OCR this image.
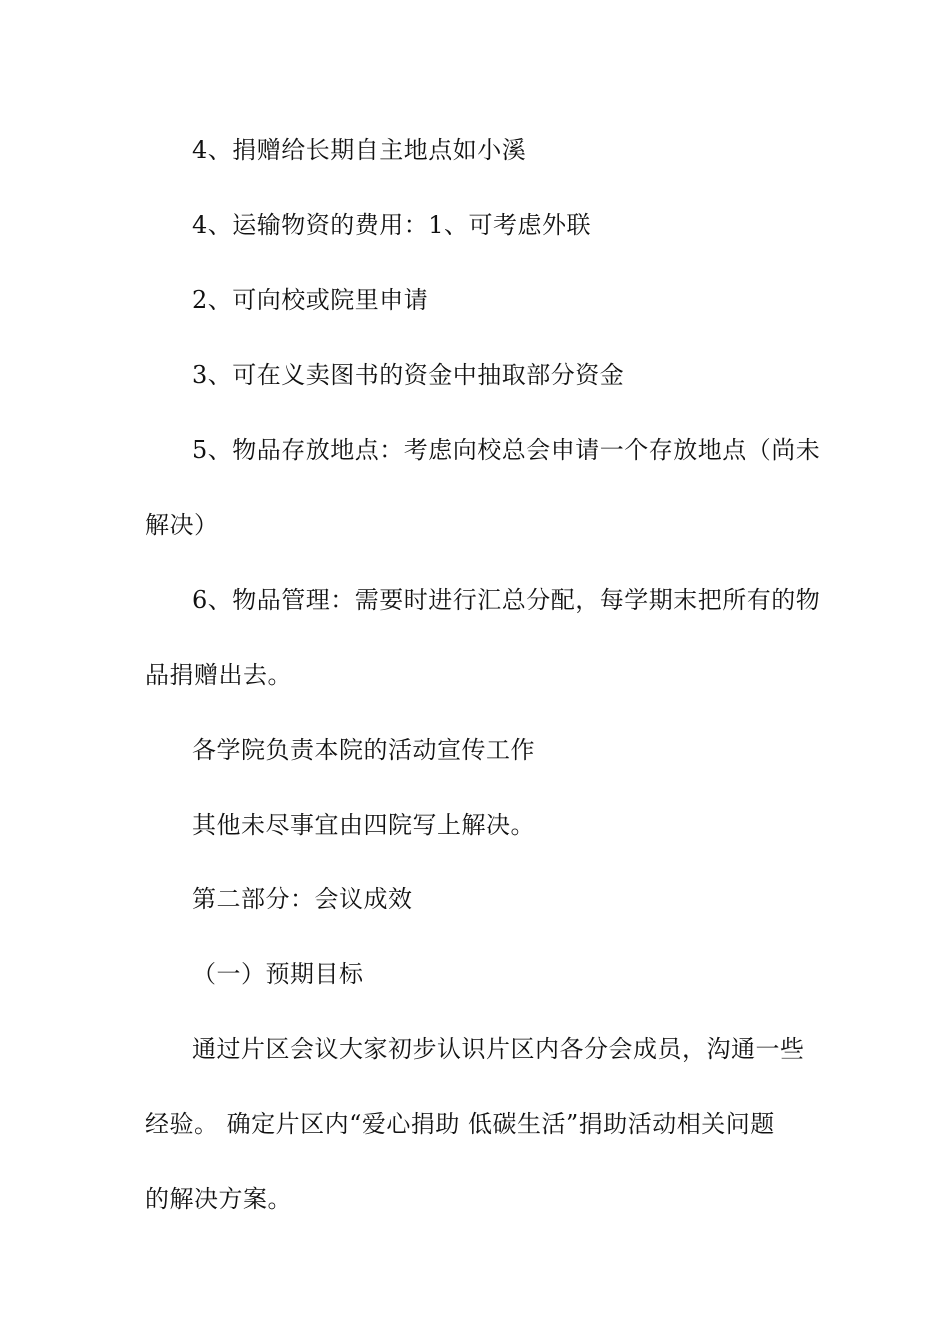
4、捐赠给长期自主地点如小溪
4、运输物资的费用：1、可考虑外联
2、可向校或院里申请
3、可在义卖图书的资金中抽取部分资金
5、物品存放地点：考虑向校总会申请一个存放地点（尚未
解决）
6、物品管理：需要时进行汇总分配，每学期末把所有的物
品捐赠出去。
各学院负责本院的活动宣传工作
其他未尽事宜由四院写上解决。
第二部分：会议成效
（一）预期目标
通过片区会议大家初步认识片区内各分会成员，沟通一些
经验。 确定片区内“爱心捐助 低碳生活”捐助活动相关问题
的解决方案。
